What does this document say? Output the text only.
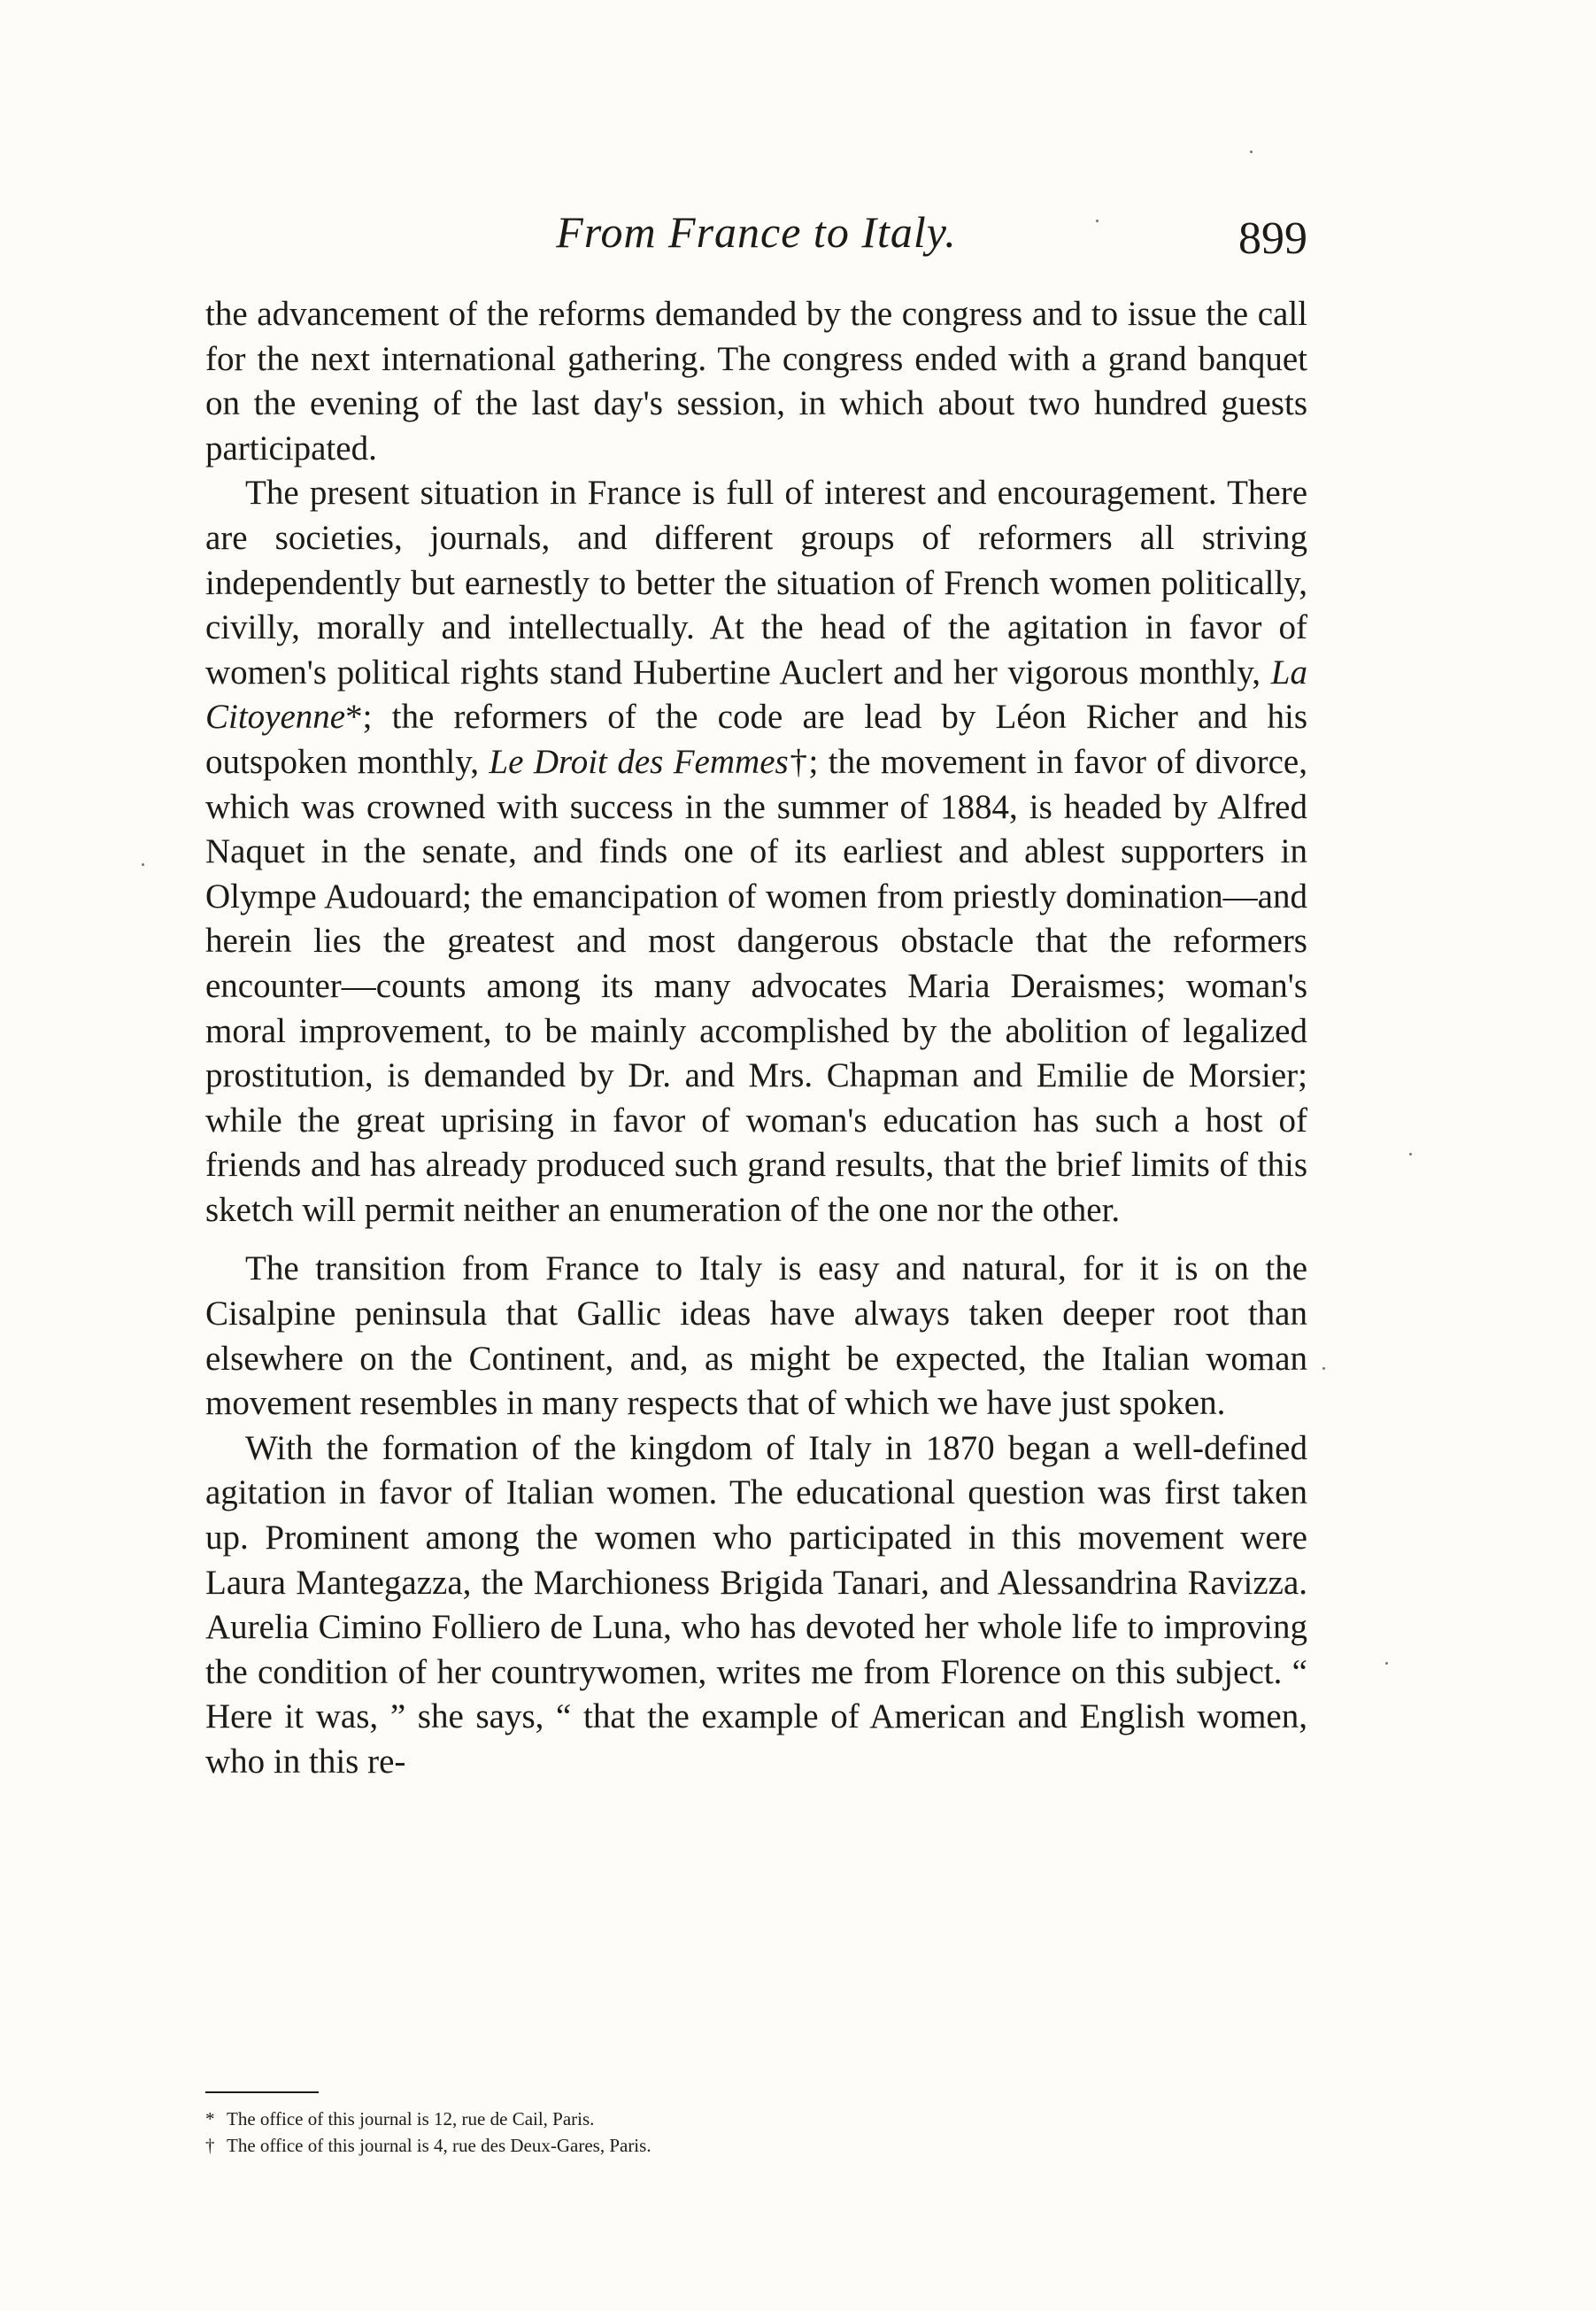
From France to Italy.	899

the advancement of the reforms demanded by the congress and to issue the call for the next international gathering. The congress ended with a grand banquet on the evening of the last day's session, in which about two hundred guests participated.

The present situation in France is full of interest and encouragement. There are societies, journals, and different groups of reformers all striving independently but earnestly to better the situation of French women politically, civilly, morally and intellectually. At the head of the agitation in favor of women's political rights stand Hubertine Auclert and her vigorous monthly, La Citoyenne*; the reformers of the code are lead by Léon Richer and his outspoken monthly, Le Droit des Femmes†; the movement in favor of divorce, which was crowned with success in the summer of 1884, is headed by Alfred Naquet in the senate, and finds one of its earliest and ablest supporters in Olympe Audouard; the emancipation of women from priestly domination—and herein lies the greatest and most dangerous obstacle that the reformers encounter—counts among its many advocates Maria Deraismes; woman's moral improvement, to be mainly accomplished by the abolition of legalized prostitution, is demanded by Dr. and Mrs. Chapman and Emilie de Morsier; while the great uprising in favor of woman's education has such a host of friends and has already produced such grand results, that the brief limits of this sketch will permit neither an enumeration of the one nor the other.

The transition from France to Italy is easy and natural, for it is on the Cisalpine peninsula that Gallic ideas have always taken deeper root than elsewhere on the Continent, and, as might be expected, the Italian woman movement resembles in many respects that of which we have just spoken.

With the formation of the kingdom of Italy in 1870 began a well-defined agitation in favor of Italian women. The educational question was first taken up. Prominent among the women who participated in this movement were Laura Mantegazza, the Marchioness Brigida Tanari, and Alessandrina Ravizza. Aurelia Cimino Folliero de Luna, who has devoted her whole life to improving the condition of her countrywomen, writes me from Florence on this subject. “ Here it was, ” she says, “ that the example of American and English women, who in this re-

* The office of this journal is 12, rue de Cail, Paris.

† The office of this journal is 4, rue des Deux-Gares, Paris.
